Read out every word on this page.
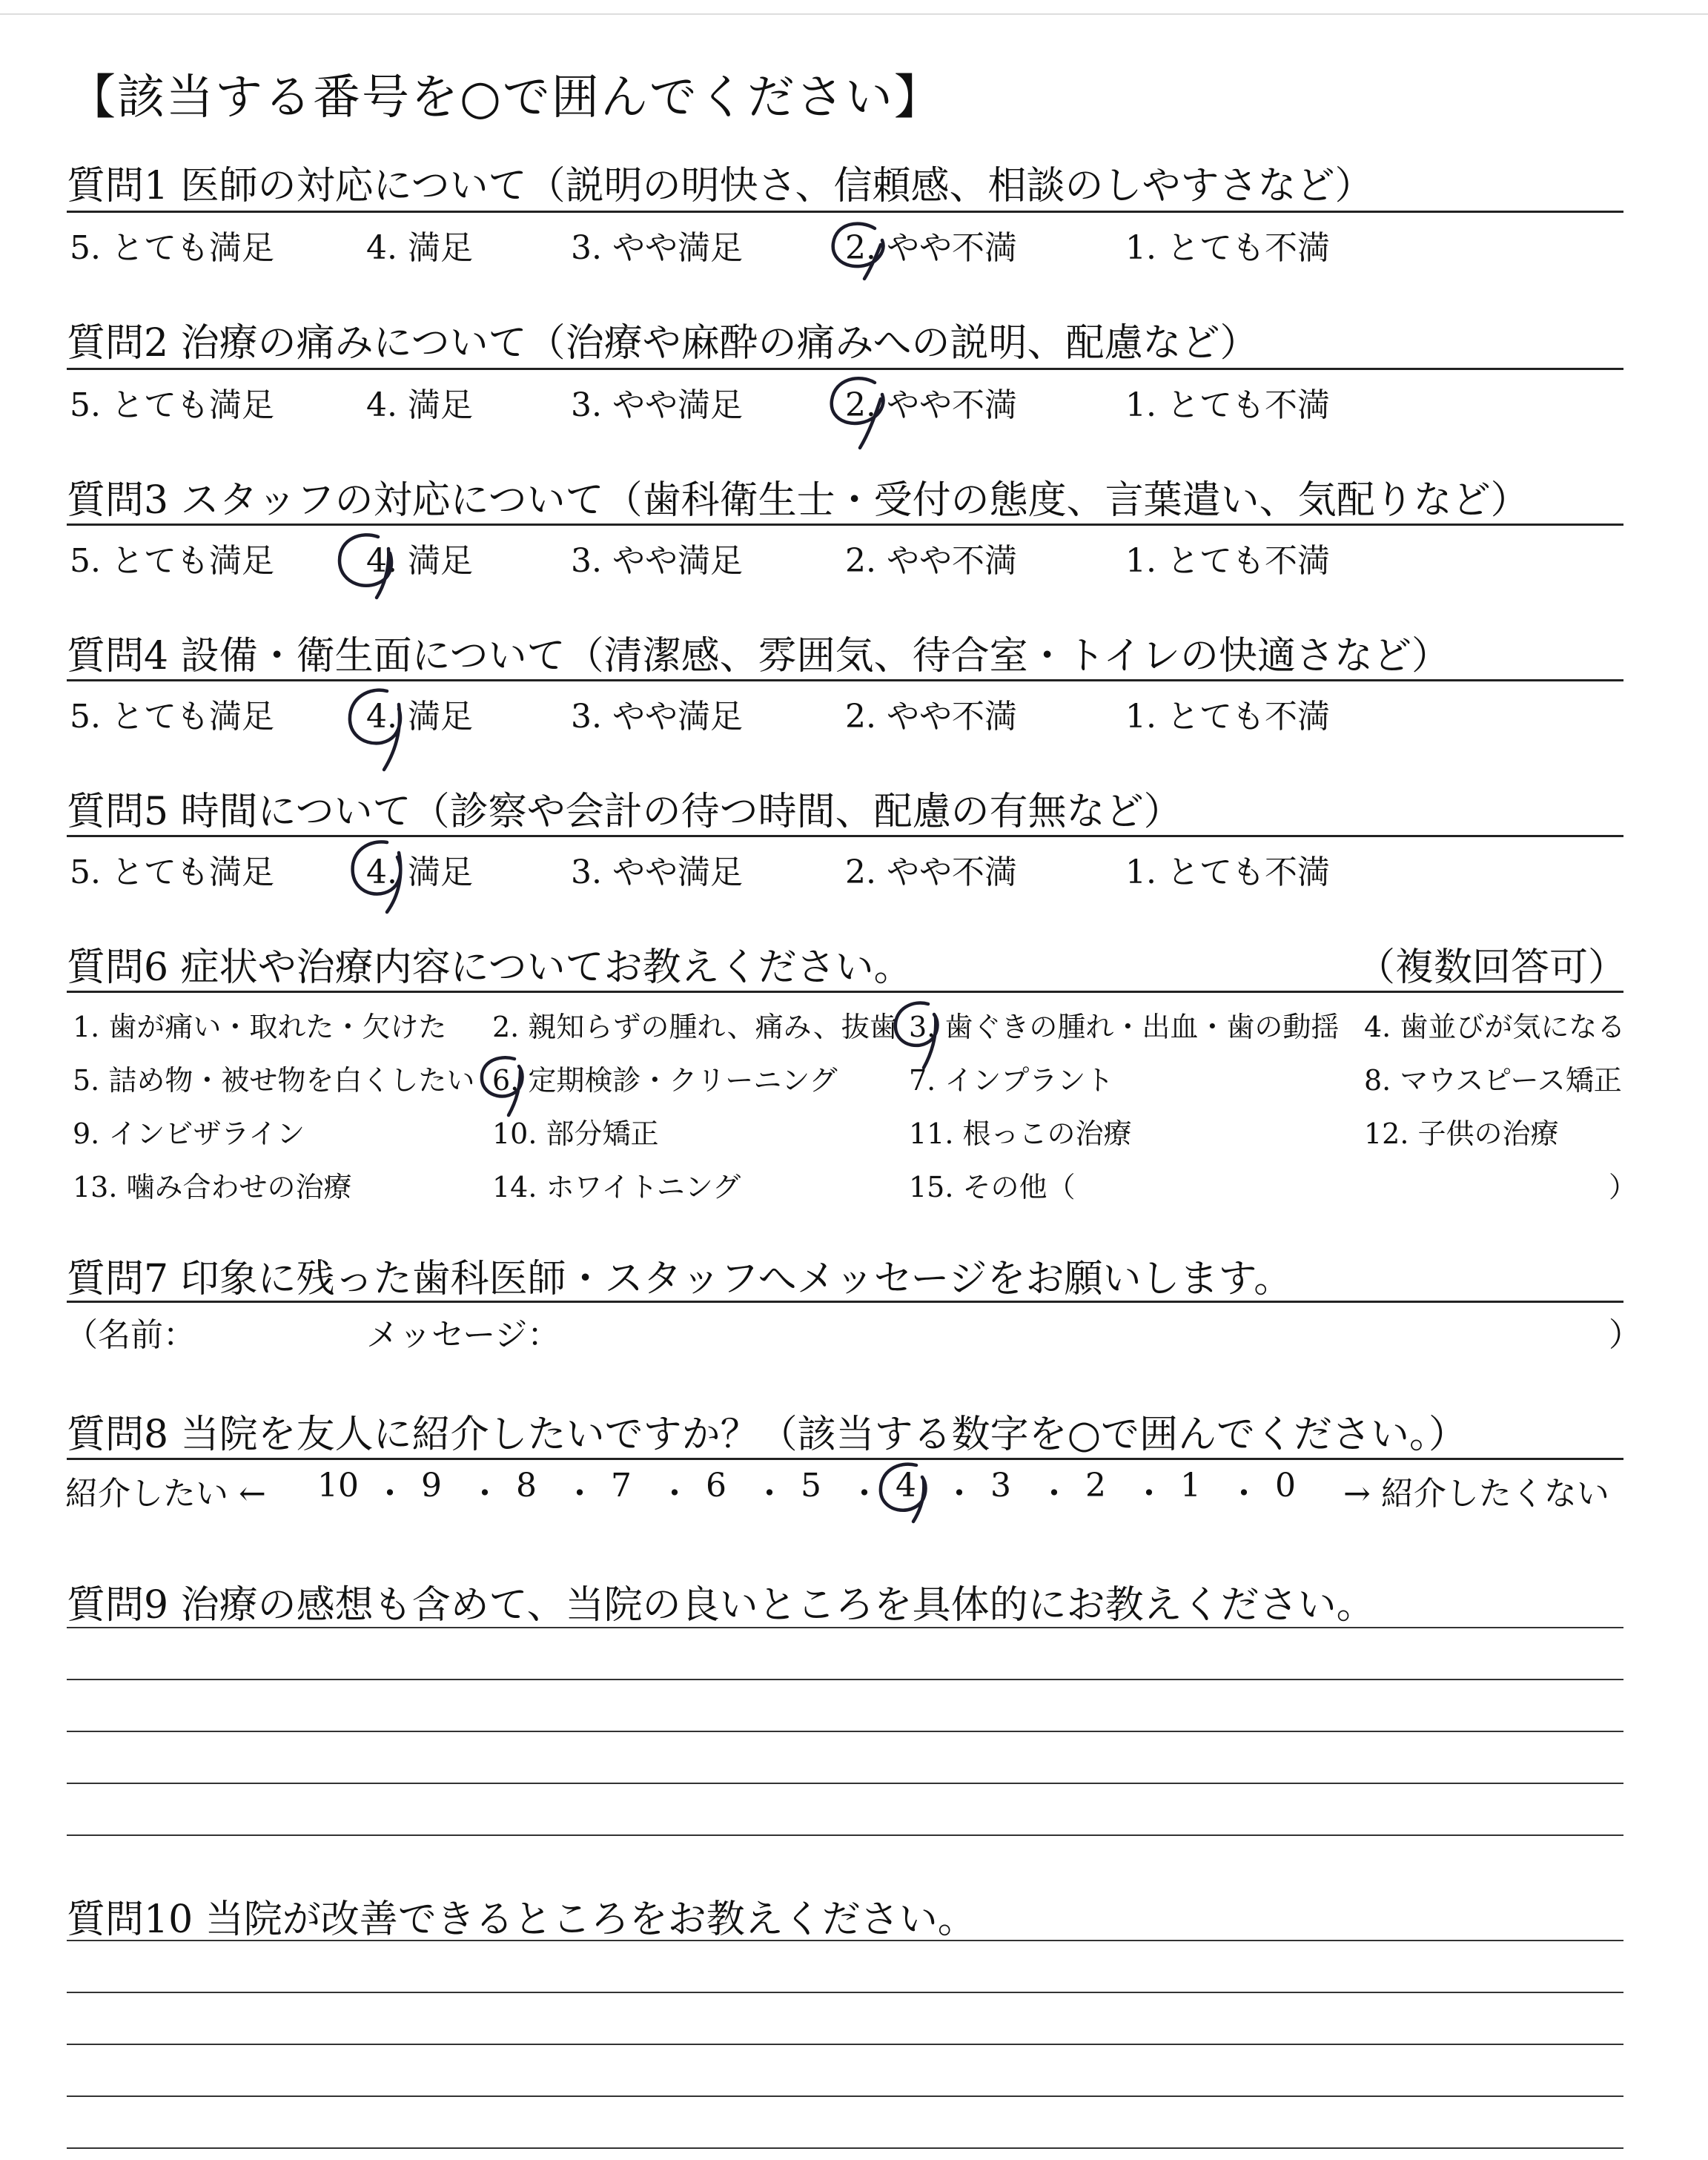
【該当する番号を○で囲んでください】
質問1 医師の対応について（説明の明快さ、信頼感、相談のしやすさなど）
5. とても満足	4. 満足	3. やや満足	2. やや不満	1. とても不満
質問2 治療の痛みについて（治療や麻酔の痛みへの説明、配慮など）
5. とても満足	4. 満足	3. やや満足	2. やや不満	1. とても不満
質問3 スタッフの対応について（歯科衛生士・受付の態度、言葉遣い、気配りなど）
5. とても満足	4. 満足	3. やや満足	2. やや不満	1. とても不満
質問4 設備・衛生面について（清潔感、雰囲気、待合室・トイレの快適さなど）
5. とても満足	4. 満足	3. やや満足	2. やや不満	1. とても不満
質問5 時間について（診察や会計の待つ時間、配慮の有無など）
5. とても満足	4. 満足	3. やや満足	2. やや不満	1. とても不満
質問6 症状や治療内容についてお教えください。	（複数回答可）
1. 歯が痛い・取れた・欠けた 2. 親知らずの腫れ、痛み、抜歯 3. 歯ぐきの腫れ・出血・歯の動揺 4. 歯並びが気になる
5. 詰め物・被せ物を白くしたい 6. 定期検診・クリーニング	7. インプラント	8. マウスピース矯正
9. インビザライン	10. 部分矯正	11. 根っこの治療	12. 子供の治療
13. 噛み合わせの治療	14. ホワイトニング	15. その他（	）
質問7 印象に残った歯科医師・スタッフへメッセージをお願いします。
（名前：	メッセージ：	）
質問8 当院を友人に紹介したいですか？（該当する数字を○で囲んでください。）
紹介したい ←	→ 紹介したくない
10 ・ 9 ・ 8 ・ 7 ・ 6 ・ 5 ・ 4 ・ 3 ・ 2 ・ 1 ・ 0
質問9 治療の感想も含めて、当院の良いところを具体的にお教えください。
質問10 当院が改善できるところをお教えください。
